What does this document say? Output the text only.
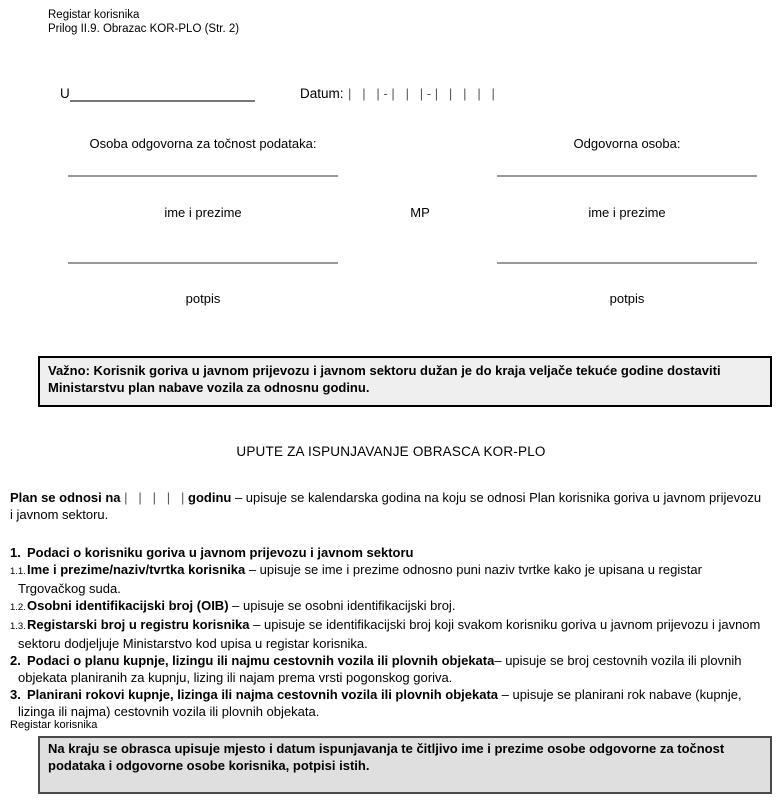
Registar korisnika
Prilog II.9. Obrazac KOR-PLO (Str. 2)
U	Datum: |   |   | - |   |   | - |   |   |   |   |
Osoba odgovorna za točnost podataka:
ime i prezime
potpis
MP
Odgovorna osoba:
ime i prezime
potpis
Važno: Korisnik goriva u javnom prijevozu i javnom sektoru dužan je do kraja veljače tekuće godine dostaviti Ministarstvu plan nabave vozila za odnosnu godinu.
UPUTE ZA ISPUNJAVANJE OBRASCA KOR-PLO
Plan se odnosi na |   |   |   |   | godinu – upisuje se kalendarska godina na koju se odnosi Plan korisnika goriva u javnom prijevozu i javnom sektoru.
1. Podaci o korisniku goriva u javnom prijevozu i javnom sektoru
1.1.Ime i prezime/naziv/tvrtka korisnika – upisuje se ime i prezime odnosno puni naziv tvrtke kako je upisana u registar Trgovačkog suda.
1.2.Osobni identifikacijski broj (OIB) – upisuje se osobni identifikacijski broj.
1.3.Registarski broj u registru korisnika – upisuje se identifikacijski broj koji svakom korisniku goriva u javnom prijevozu i javnom sektoru dodjeljuje Ministarstvo kod upisa u registar korisnika.
2. Podaci o planu kupnje, lizingu ili najmu cestovnih vozila ili plovnih objekata– upisuje se broj cestovnih vozila ili plovnih objekata planiranih za kupnju, lizing ili najam prema vrsti pogonskog goriva.
3. Planirani rokovi kupnje, lizinga ili najma cestovnih vozila ili plovnih objekata – upisuje se planirani rok nabave (kupnje, lizinga ili najma) cestovnih vozila ili plovnih objekata.
Registar korisnika
Na kraju se obrasca upisuje mjesto i datum ispunjavanja te čitljivo ime i prezime osobe odgovorne za točnost podataka i odgovorne osobe korisnika, potpisi istih.
